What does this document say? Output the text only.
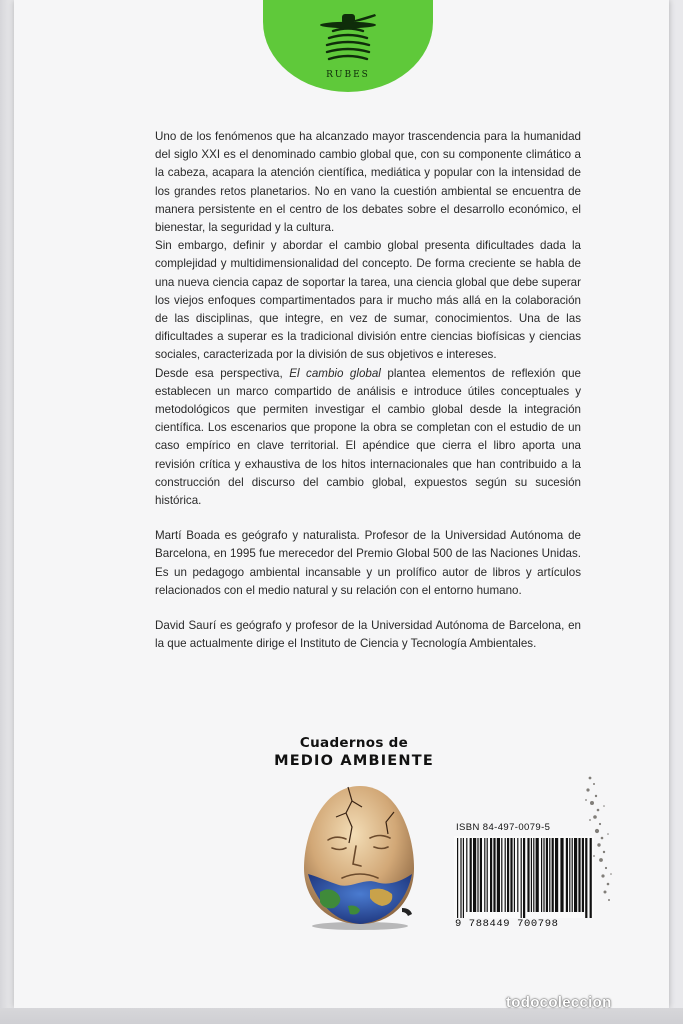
RUBES

Uno de los fenómenos que ha alcanzado mayor trascendencia para la humanidad del siglo XXI es el denominado cambio global que, con su componente climático a la cabeza, acapara la atención científica, mediática y popular con la intensidad de los grandes retos planetarios. No en vano la cuestión ambiental se encuentra de manera persistente en el centro de los debates sobre el desarrollo económico, el bienestar, la seguridad y la cultura.

Sin embargo, definir y abordar el cambio global presenta dificultades dada la complejidad y multidimensionalidad del concepto. De forma creciente se habla de una nueva ciencia capaz de soportar la tarea, una ciencia global que debe superar los viejos enfoques compartimentados para ir mucho más allá en la colaboración de las disciplinas, que integre, en vez de sumar, conocimientos. Una de las dificultades a superar es la tradicional división entre ciencias biofísicas y ciencias sociales, caracterizada por la división de sus objetivos e intereses.

Desde esa perspectiva, El cambio global plantea elementos de reflexión que establecen un marco compartido de análisis e introduce útiles conceptuales y metodológicos que permiten investigar el cambio global desde la integración científica. Los escenarios que propone la obra se completan con el estudio de un caso empírico en clave territorial. El apéndice que cierra el libro aporta una revisión crítica y exhaustiva de los hitos internacionales que han contribuido a la construcción del discurso del cambio global, expuestos según su sucesión histórica.

Martí Boada es geógrafo y naturalista. Profesor de la Universidad Autónoma de Barcelona, en 1995 fue merecedor del Premio Global 500 de las Naciones Unidas. Es un pedagogo ambiental incansable y un prolífico autor de libros y artículos relacionados con el medio natural y su relación con el entorno humano.

David Saurí es geógrafo y profesor de la Universidad Autónoma de Barcelona, en la que actualmente dirige el Instituto de Ciencia y Tecnología Ambientales.

Cuadernos de
MEDIO AMBIENTE
ISBN 84-497-0079-5
9 788449 700798
todocoleccion
